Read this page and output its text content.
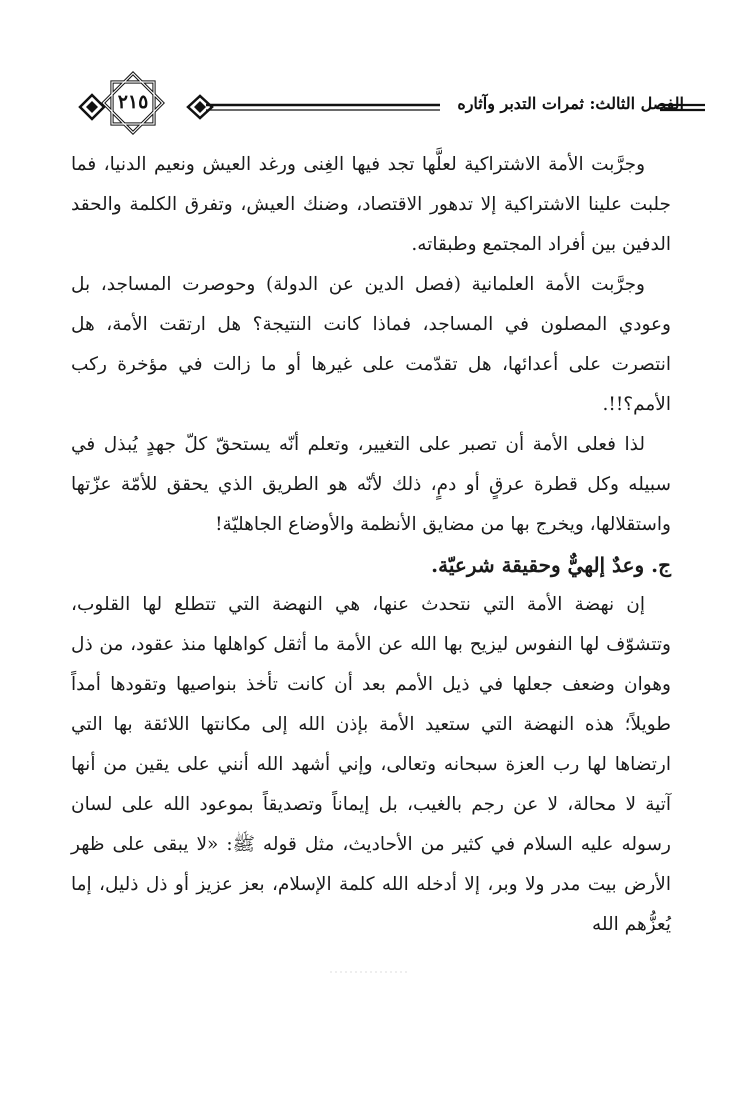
الفصل الثالث: ثمرات التدبر وآثاره
٢١٥

وجرَّبت الأمة الاشتراكية لعلَّها تجد فيها الغِنى ورغد العيش ونعيم الدنيا، فما جلبت علينا الاشتراكية إلا تدهور الاقتصاد، وضنك العيش، وتفرق الكلمة والحقد الدفين بين أفراد المجتمع وطبقاته.

وجرَّبت الأمة العلمانية (فصل الدين عن الدولة) وحوصرت المساجد، بل وعودي المصلون في المساجد، فماذا كانت النتيجة؟ هل ارتقت الأمة، هل انتصرت على أعدائها، هل تقدّمت على غيرها أو ما زالت في مؤخرة ركب الأمم؟!!.

لذا فعلى الأمة أن تصبر على التغيير، وتعلم أنّه يستحقّ كلّ جهدٍ يُبذل في سبيله وكل قطرة عرقٍ أو دمٍ، ذلك لأنّه هو الطريق الذي يحقق للأمّة عزّتها واستقلالها، ويخرج بها من مضايق الأنظمة والأوضاع الجاهليّة!

ج. وعدٌ إلهيٌّ وحقيقة شرعيّة.

إن نهضة الأمة التي نتحدث عنها، هي النهضة التي تتطلع لها القلوب، وتتشوّف لها النفوس ليزيح بها الله عن الأمة ما أثقل كواهلها منذ عقود، من ذل وهوان وضعف جعلها في ذيل الأمم بعد أن كانت تأخذ بنواصيها وتقودها أمداً طويلاً؛ هذه النهضة التي ستعيد الأمة بإذن الله إلى مكانتها اللائقة بها التي ارتضاها لها رب العزة سبحانه وتعالى، وإني أشهد الله أنني على يقين من أنها آتية لا محالة، لا عن رجم بالغيب، بل إيماناً وتصديقاً بموعود الله على لسان رسوله عليه السلام في كثير من الأحاديث، مثل قوله ﷺ: «لا يبقى على ظهر الأرض بيت مدر ولا وبر، إلا أدخله الله كلمة الإسلام، بعز عزيز أو ذل ذليل، إما يُعزُّهم الله
